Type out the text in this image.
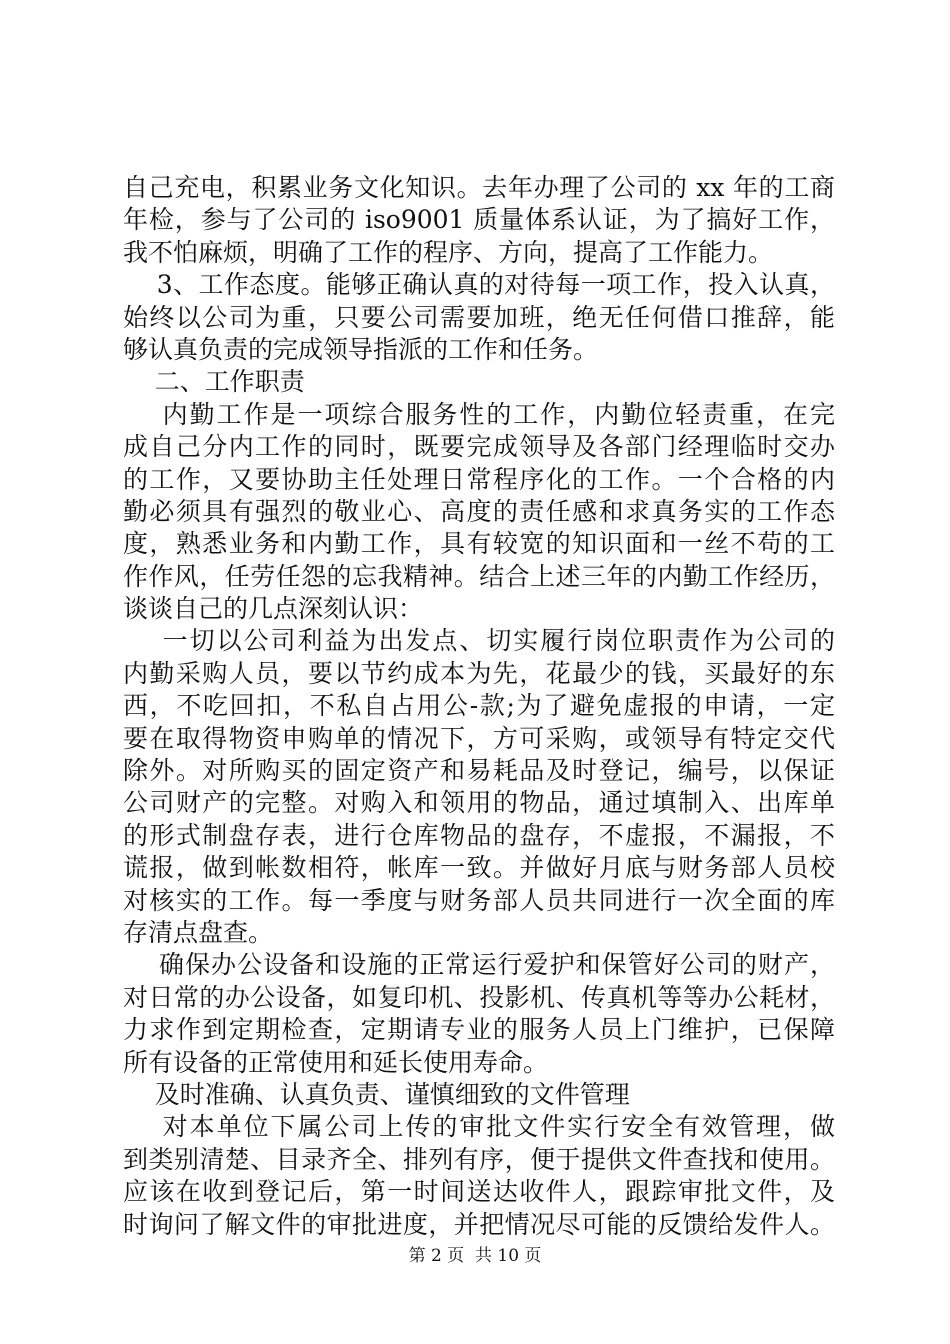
自己充电，积累业务文化知识。去年办理了公司的 xx 年的工商
年检，参与了公司的 iso9001 质量体系认证，为了搞好工作，
我不怕麻烦，明确了工作的程序、方向，提高了工作能力。
3、工作态度。能够正确认真的对待每一项工作，投入认真，
始终以公司为重，只要公司需要加班，绝无任何借口推辞，能
够认真负责的完成领导指派的工作和任务。
二、工作职责
内勤工作是一项综合服务性的工作，内勤位轻责重，在完
成自己分内工作的同时，既要完成领导及各部门经理临时交办
的工作，又要协助主任处理日常程序化的工作。一个合格的内
勤必须具有强烈的敬业心、高度的责任感和求真务实的工作态
度，熟悉业务和内勤工作，具有较宽的知识面和一丝不苟的工
作作风，任劳任怨的忘我精神。结合上述三年的内勤工作经历，
谈谈自己的几点深刻认识：
一切以公司利益为出发点、切实履行岗位职责作为公司的
内勤采购人员，要以节约成本为先，花最少的钱，买最好的东
西，不吃回扣，不私自占用公-款;为了避免虚报的申请，一定
要在取得物资申购单的情况下，方可采购，或领导有特定交代
除外。对所购买的固定资产和易耗品及时登记，编号，以保证
公司财产的完整。对购入和领用的物品，通过填制入、出库单
的形式制盘存表，进行仓库物品的盘存，不虚报，不漏报，不
谎报，做到帐数相符，帐库一致。并做好月底与财务部人员校
对核实的工作。每一季度与财务部人员共同进行一次全面的库
存清点盘查。
确保办公设备和设施的正常运行爱护和保管好公司的财产，
对日常的办公设备，如复印机、投影机、传真机等等办公耗材，
力求作到定期检查，定期请专业的服务人员上门维护，已保障
所有设备的正常使用和延长使用寿命。
及时准确、认真负责、谨慎细致的文件管理
对本单位下属公司上传的审批文件实行安全有效管理，做
到类别清楚、目录齐全、排列有序，便于提供文件查找和使用。
应该在收到登记后，第一时间送达收件人，跟踪审批文件，及
时询问了解文件的审批进度，并把情况尽可能的反馈给发件人。
第 2 页  共 10 页
